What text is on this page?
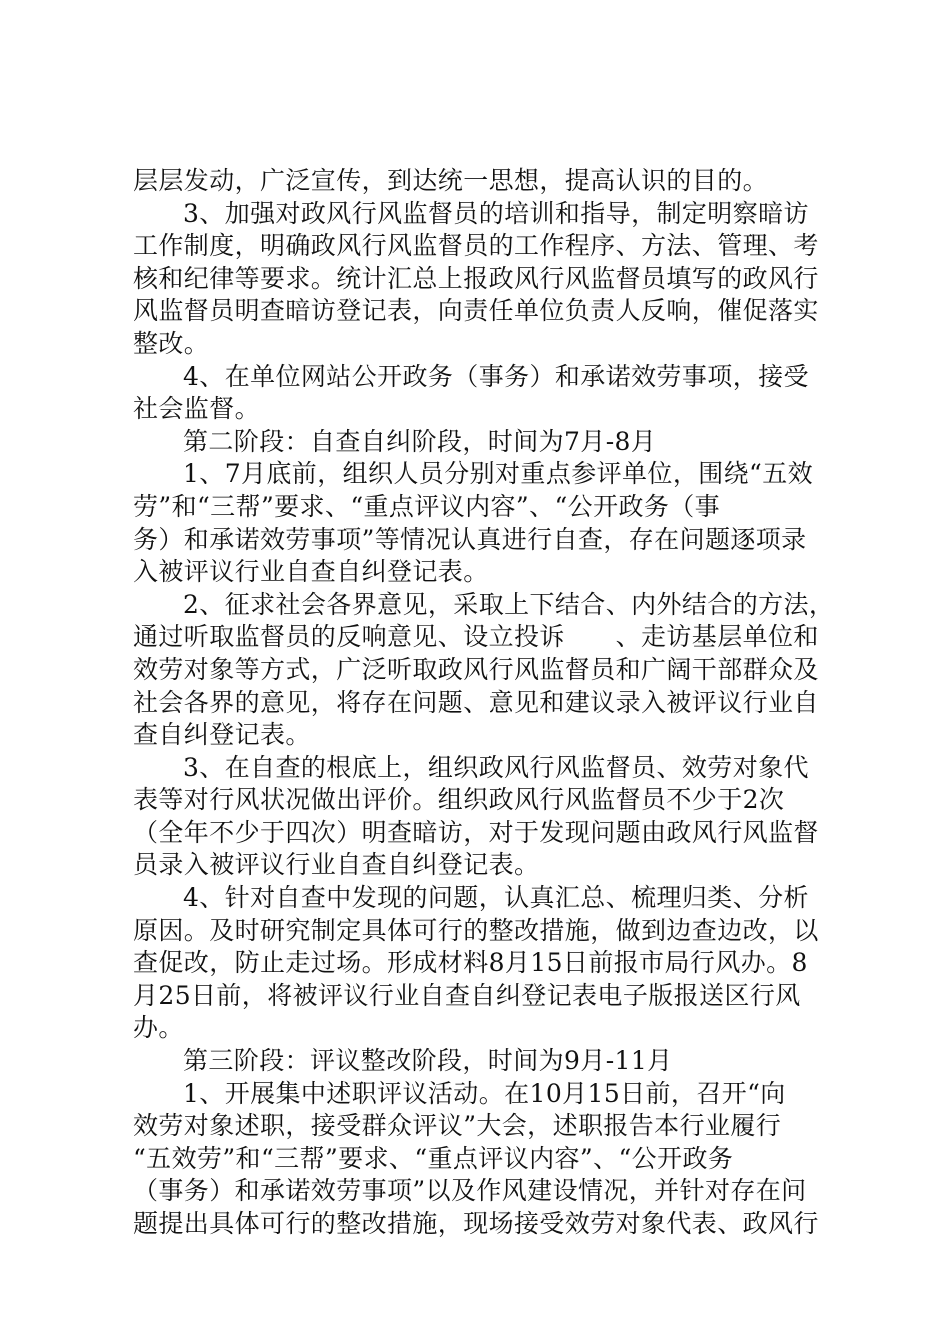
层层发动，广泛宣传，到达统一思想，提高认识的目的。
3、加强对政风行风监督员的培训和指导，制定明察暗访
工作制度，明确政风行风监督员的工作程序、方法、管理、考
核和纪律等要求。统计汇总上报政风行风监督员填写的政风行
风监督员明查暗访登记表，向责任单位负责人反响，催促落实
整改。
4、在单位网站公开政务（事务）和承诺效劳事项，接受
社会监督。
第二阶段：自查自纠阶段，时间为7月-8月
1、7月底前，组织人员分别对重点参评单位，围绕“五效
劳”和“三帮”要求、“重点评议内容”、“公开政务（事
务）和承诺效劳事项”等情况认真进行自查，存在问题逐项录
入被评议行业自查自纠登记表。
2、征求社会各界意见，采取上下结合、内外结合的方法，
通过听取监督员的反响意见、设立投诉　　、走访基层单位和
效劳对象等方式，广泛听取政风行风监督员和广阔干部群众及
社会各界的意见，将存在问题、意见和建议录入被评议行业自
查自纠登记表。
3、在自查的根底上，组织政风行风监督员、效劳对象代
表等对行风状况做出评价。组织政风行风监督员不少于2次
（全年不少于四次）明查暗访，对于发现问题由政风行风监督
员录入被评议行业自查自纠登记表。
4、针对自查中发现的问题，认真汇总、梳理归类、分析
原因。及时研究制定具体可行的整改措施，做到边查边改，以
查促改，防止走过场。形成材料8月15日前报市局行风办。8
月25日前，将被评议行业自查自纠登记表电子版报送区行风
办。
第三阶段：评议整改阶段，时间为9月-11月
1、开展集中述职评议活动。在10月15日前，召开“向
效劳对象述职，接受群众评议”大会，述职报告本行业履行
“五效劳”和“三帮”要求、“重点评议内容”、“公开政务
（事务）和承诺效劳事项”以及作风建设情况，并针对存在问
题提出具体可行的整改措施，现场接受效劳对象代表、政风行
